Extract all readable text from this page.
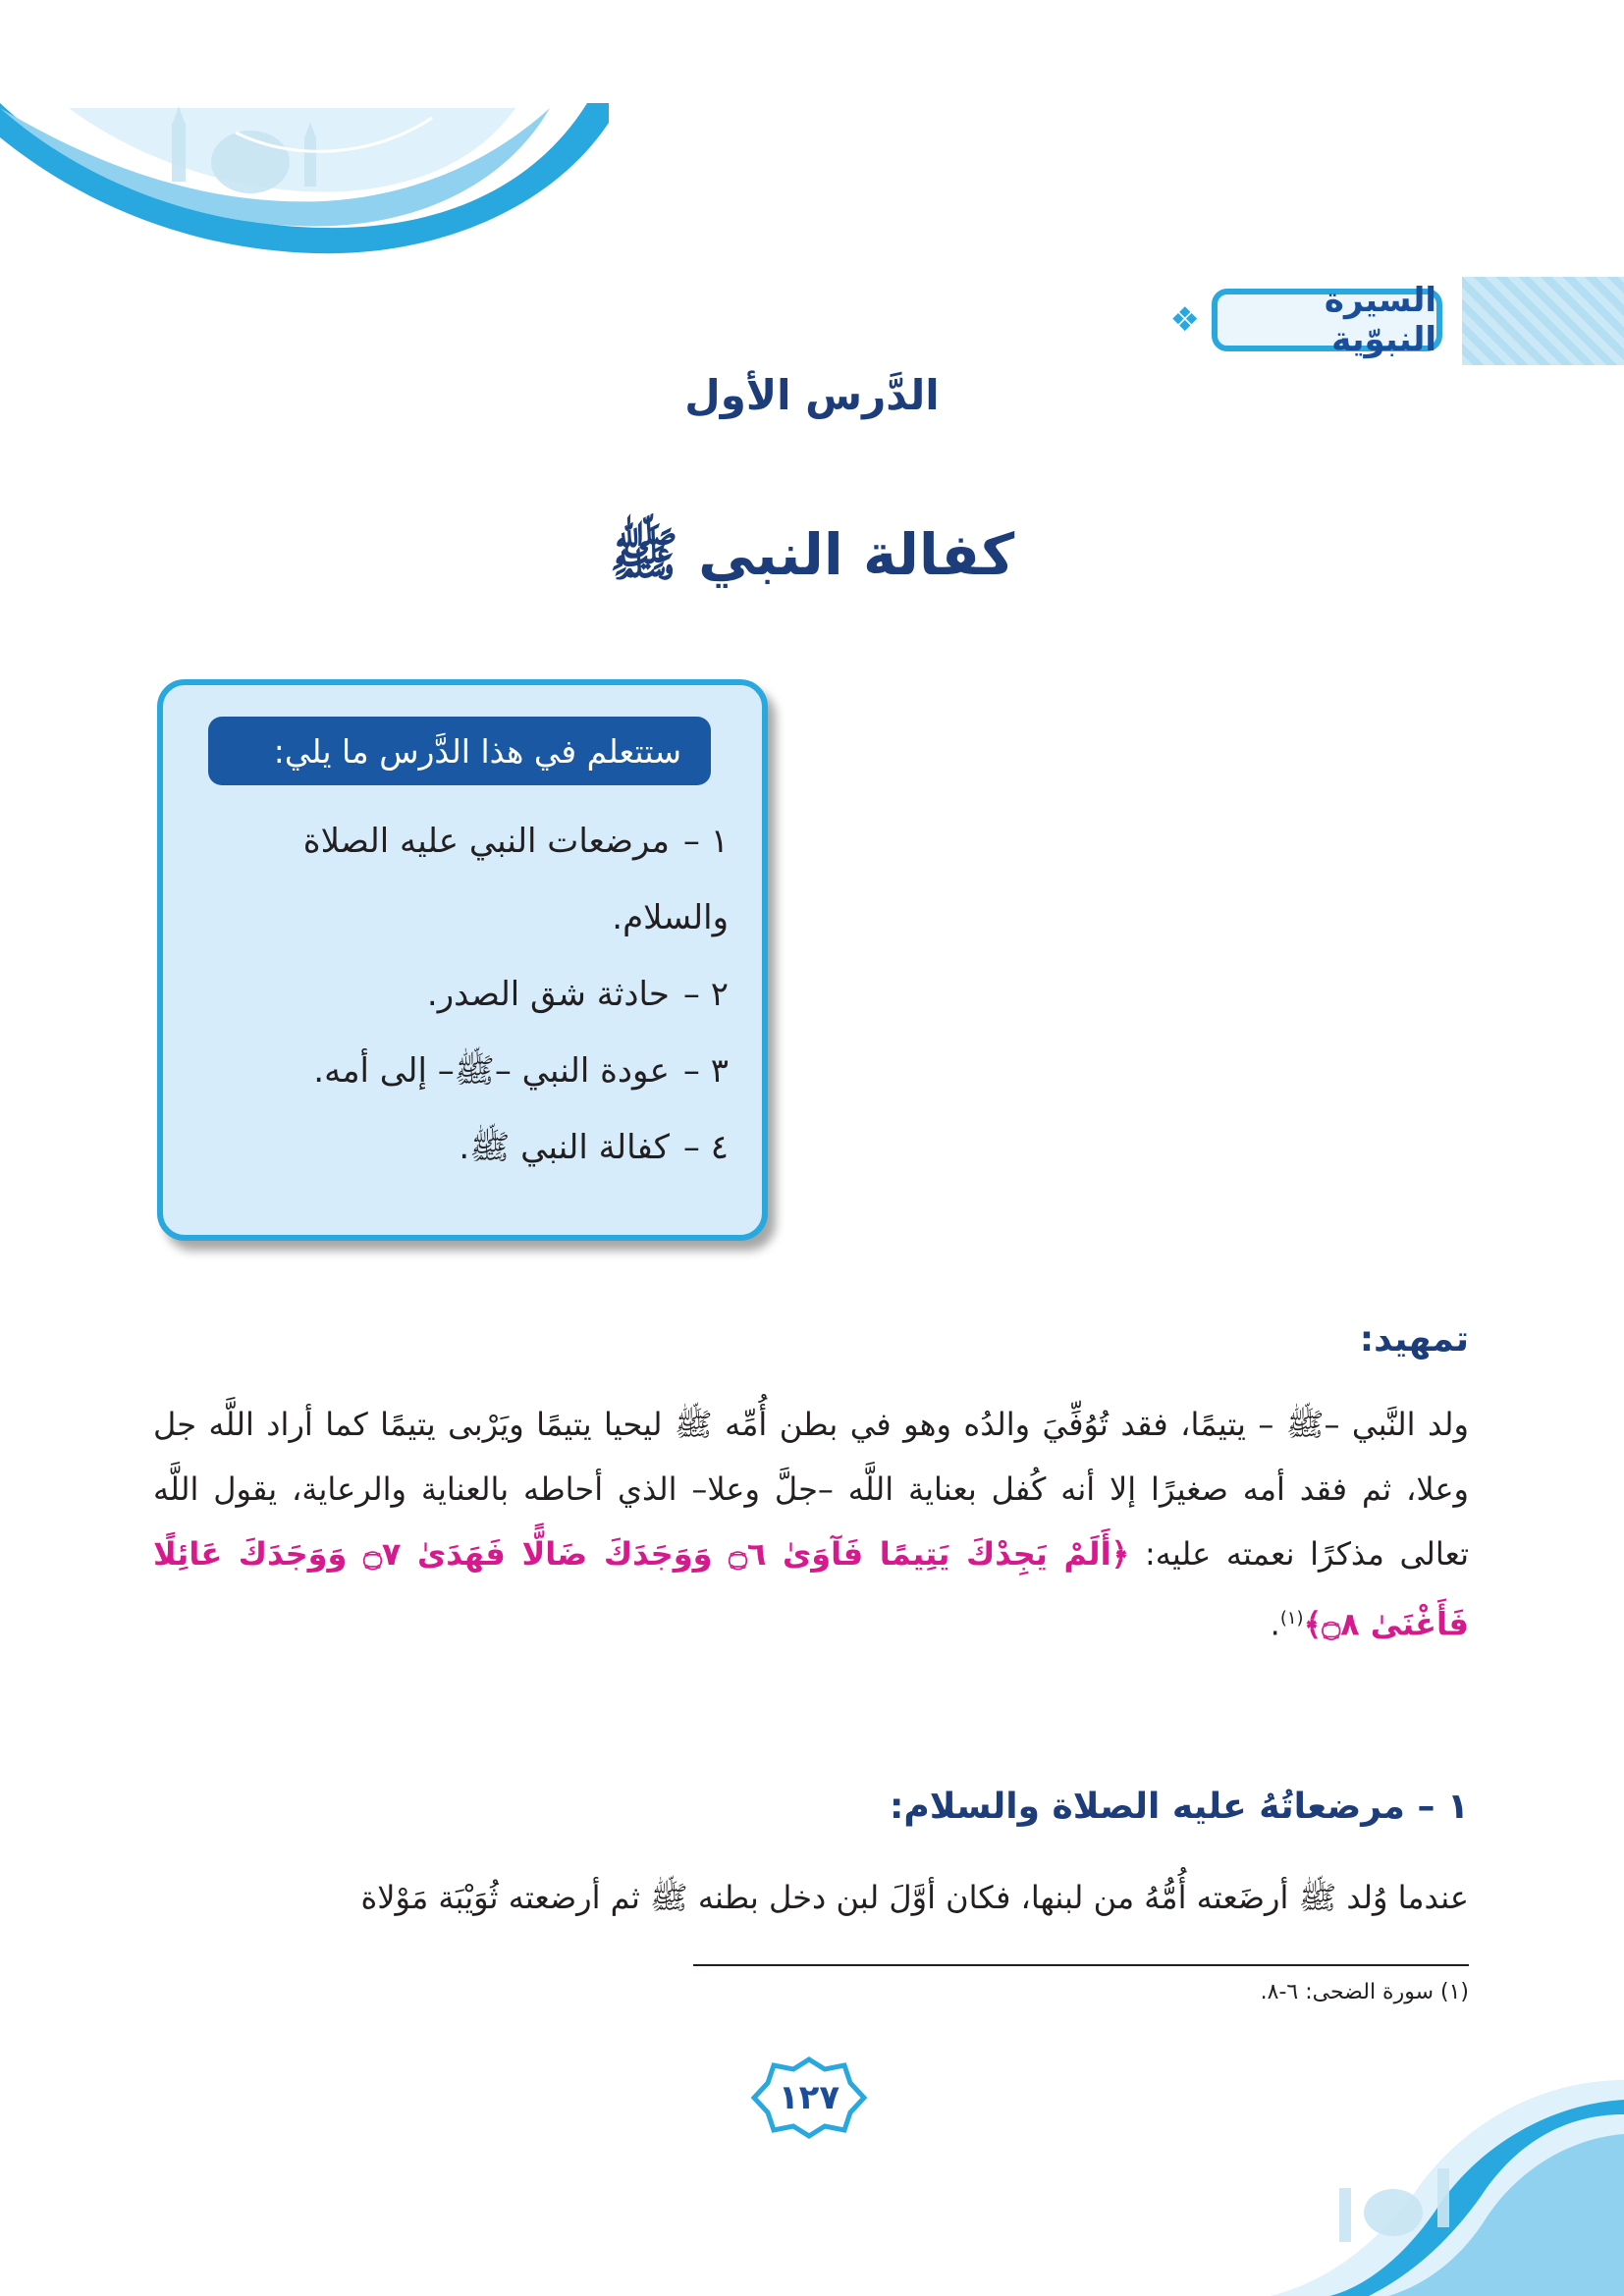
السيرة النبوّية
❖
الدَّرس الأول
كفالة النبي ﷺ
ستتعلم في هذا الدَّرس ما يلي:
١ –مرضعات النبي عليه الصلاة والسلام.
٢ –حادثة شق الصدر.
٣ –عودة النبي –ﷺ– إلى أمه.
٤ –كفالة النبي ﷺ.
تمهيد:

ولد النَّبي –ﷺ – يتيمًا، فقد تُوُفِّيَ والدُه وهو في بطن أُمِّه ﷺ ليحيا يتيمًا ويَرْبى يتيمًا كما أراد اللَّه جل وعلا، ثم فقد أمه صغيرًا إلا أنه كُفل بعناية اللَّه –جلَّ وعلا– الذي أحاطه بالعناية والرعاية، يقول اللَّه تعالى مذكرًا نعمته عليه: ﴿أَلَمْ يَجِدْكَ يَتِيمًا فَآوَىٰ ۝٦ وَوَجَدَكَ ضَالًّا فَهَدَىٰ ۝٧ وَوَجَدَكَ عَائِلًا فَأَغْنَىٰ ۝٨﴾$^{(١)}$.

١ – مرضعاتُهُ عليه الصلاة والسلام:

عندما وُلد ﷺ أرضَعته أُمُّهُ من لبنها، فكان أوَّلَ لبن دخل بطنه ﷺ ثم أرضعته ثُوَيْبَة مَوْلاة

(١) سورة الضحى: ٦-٨.
١٢٧
